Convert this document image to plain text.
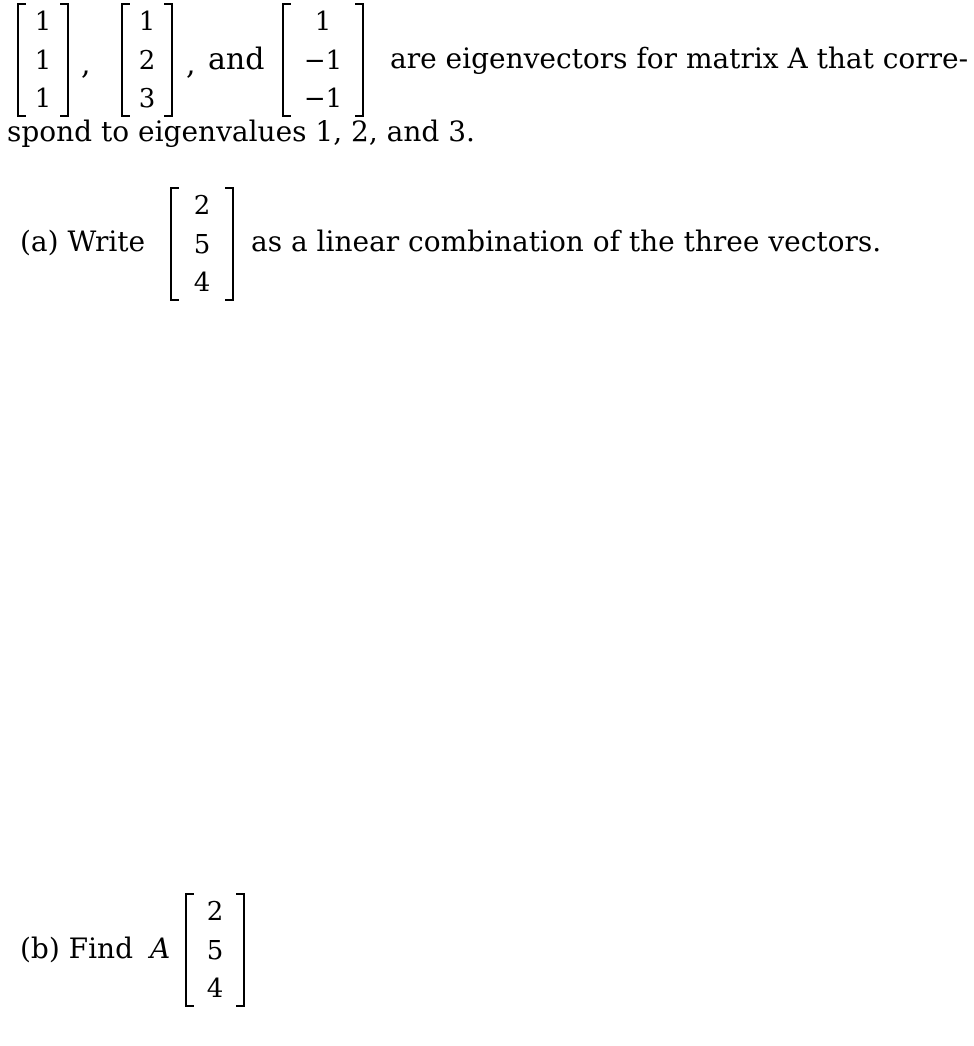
1
1
1
,
1
2
3
, and
1
−1
−1
are eigenvectors for matrix A that corre-
spond to eigenvalues 1, 2, and 3.
(a) Write
2
5
4
as a linear combination of the three vectors.
(b) Find A
2
5
4
